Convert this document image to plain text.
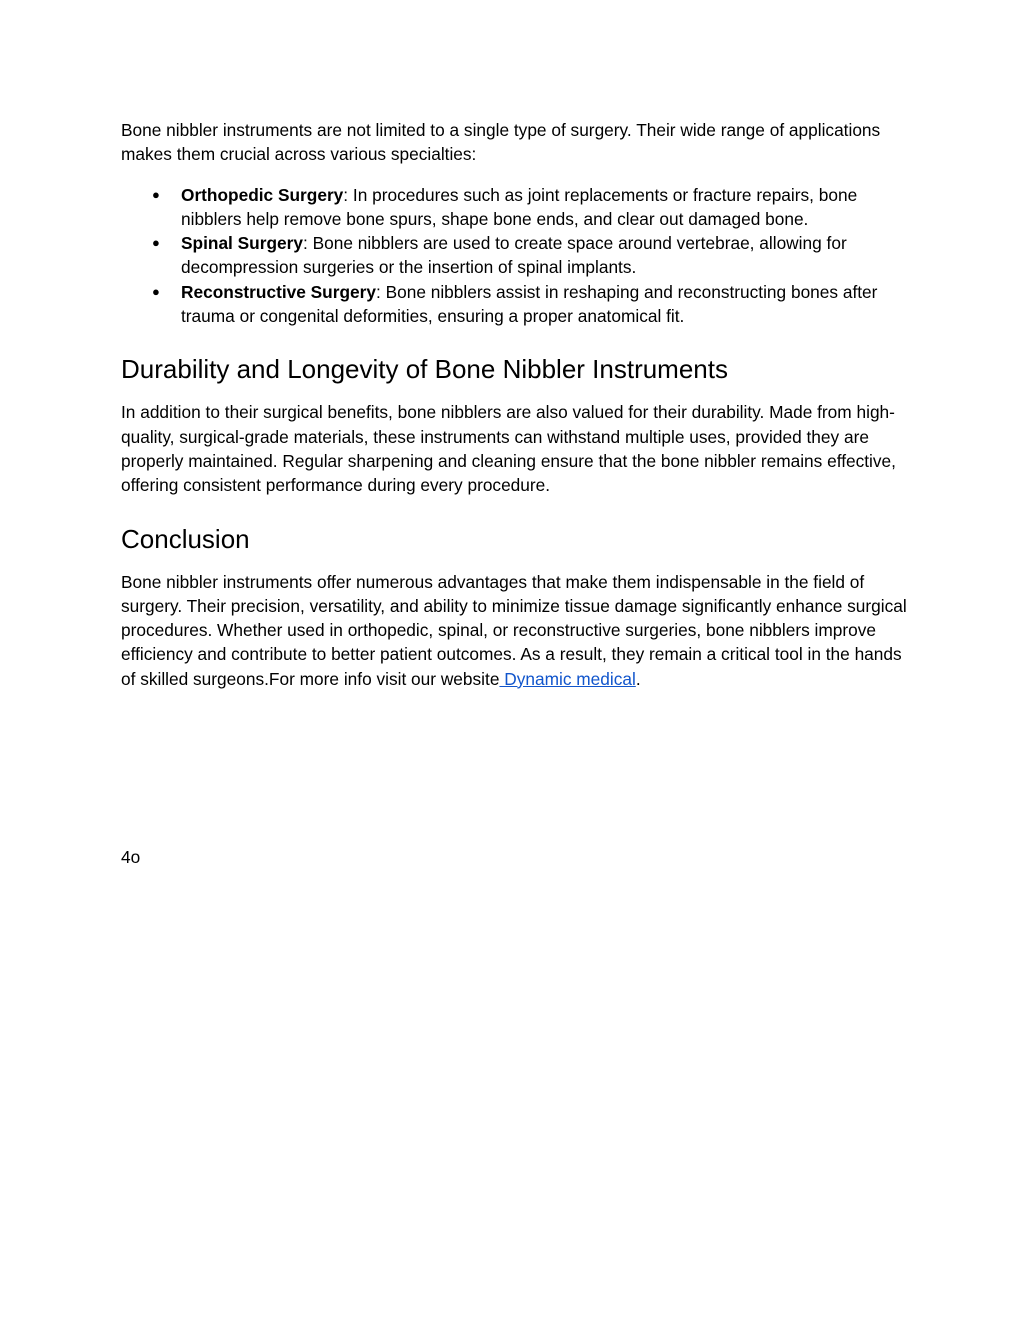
Bone nibbler instruments are not limited to a single type of surgery. Their wide range of applications makes them crucial across various specialties:

● Orthopedic Surgery: In procedures such as joint replacements or fracture repairs, bone nibblers help remove bone spurs, shape bone ends, and clear out damaged bone.
● Spinal Surgery: Bone nibblers are used to create space around vertebrae, allowing for decompression surgeries or the insertion of spinal implants.
● Reconstructive Surgery: Bone nibblers assist in reshaping and reconstructing bones after trauma or congenital deformities, ensuring a proper anatomical fit.
Durability and Longevity of Bone Nibbler Instruments

In addition to their surgical benefits, bone nibblers are also valued for their durability. Made from high-quality, surgical-grade materials, these instruments can withstand multiple uses, provided they are properly maintained. Regular sharpening and cleaning ensure that the bone nibbler remains effective, offering consistent performance during every procedure.

Conclusion

Bone nibbler instruments offer numerous advantages that make them indispensable in the field of surgery. Their precision, versatility, and ability to minimize tissue damage significantly enhance surgical procedures. Whether used in orthopedic, spinal, or reconstructive surgeries, bone nibblers improve efficiency and contribute to better patient outcomes. As a result, they remain a critical tool in the hands of skilled surgeons.For more info visit our website Dynamic medical.

4o
